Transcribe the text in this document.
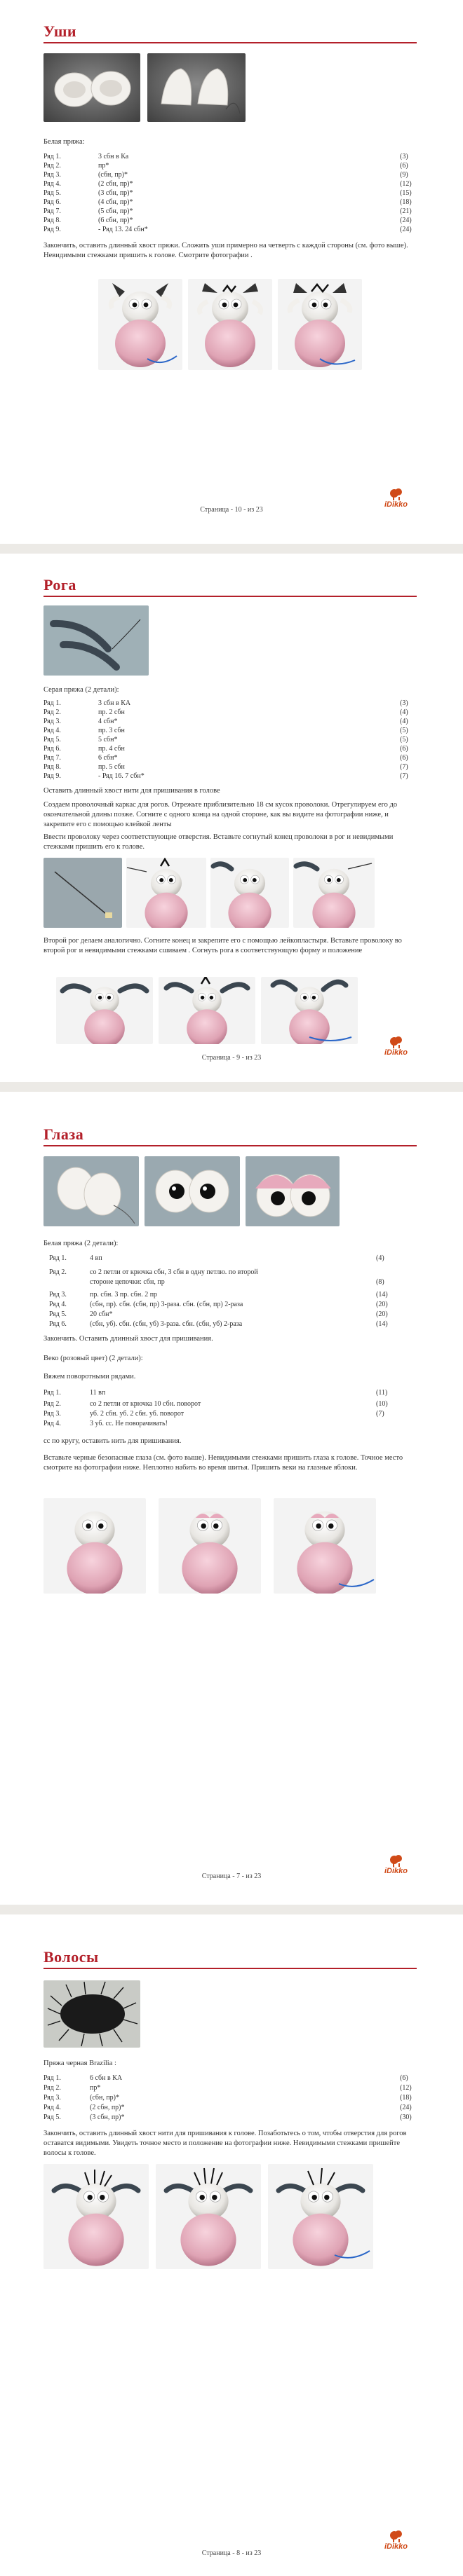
Уши
Белая пряжа:
Ряд 1.	3 сбн в Ка	(3)
Ряд 2.	пр*	(6)
Ряд 3.	(сбн, пр)*	(9)
Ряд 4.	(2 сбн, пр)*	(12)
Ряд 5.	(3 сбн, пр)*	(15)
Ряд 6.	(4 сбн, пр)*	(18)
Ряд 7.	(5 сбн, пр)*	(21)
Ряд 8.	(6 сбн, пр)*	(24)
Ряд 9.	- Ряд 13. 24 сбн*	(24)
Закончить, оставить длинный хвост пряжи. Сложить уши примерно на четверть с каждой стороны (см. фото выше). Невидимыми стежками пришить к голове. Смотрите фотографии .
Страница - 10 - из 23
iDikko
Рога
Серая пряжа (2 детали):
Ряд 1.	3 сбн в КА	(3)
Ряд 2.	пр. 2 сбн	(4)
Ряд 3.	4 сбн*	(4)
Ряд 4.	пр. 3 сбн	(5)
Ряд 5.	5 сбн*	(5)
Ряд 6.	пр. 4 сбн	(6)
Ряд 7.	6 сбн*	(6)
Ряд 8.	пр. 5 сбн	(7)
Ряд 9.	- Ряд 16. 7 сбн*	(7)
Оставить длинный хвост нити для пришивания в голове
Создаем проволочный каркас для рогов. Отрежьте приблизительно 18 см кусок проволоки. Отрегулируем его до окончательной длины позже. Согните с одного конца на одной стороне, как вы видите на фотографии ниже, и закрепите его с помощью клейкой ленты
Ввести проволоку через соответствующие отверстия. Вставьте согнутый конец проволоки в рог и невидимыми стежками пришить его к голове.
Второй рог делаем аналогично. Согните конец и закрепите его с помощью лейкопластыря. Вставьте проволоку во второй рог и невидимыми стежками сшиваем . Согнуть рога в соответствующую форму и положение
Страница - 9 - из 23
iDikko
Глаза
Белая пряжа (2 детали):
Ряд 1.	4 вп	(4)
Ряд 2.	со 2 петли от крючка сбн, 3 сбн в одну петлю. по второй
стороне цепочки: сбн, пр	(8)
Ряд 3.	пр. сбн. 3 пр. сбн. 2 пр	(14)
Ряд 4.	(сбн, пр). сбн. (сбн, пр) 3-раза. сбн. (сбн, пр) 2-раза	(20)
Ряд 5.	20 сбн*	(20)
Ряд 6.	(сбн, уб). сбн. (сбн, уб) 3-раза. сбн. (сбн, уб) 2-раза	(14)
Закончить. Оставить длинный хвост для пришивания.
Веко (розовый цвет) (2 детали):
Вяжем поворотными рядами.
Ряд 1.	11 вп	(11)
Ряд 2.	со 2 петли от крючка 10 сбн. поворот	(10)
Ряд 3.	уб. 2 сбн. уб. 2 сбн. уб. поворот	(7)
Ряд 4.	3 уб. сс. Не поворачивать!
сс по кругу, оставить нить для пришивания.
Вставьте черные безопасные глаза (см. фото выше). Невидимыми стежками пришить глаза к голове. Точное место смотрите на фотографии ниже. Неплотно набить во время шитья. Пришить веки на глазные яблоки.
Страница - 7 - из 23
iDikko
Волосы
Пряжа черная Brazilia :
Ряд 1.	6 сбн в КА	(6)
Ряд 2.	пр*	(12)
Ряд 3.	(сбн, пр)*	(18)
Ряд 4.	(2 сбн, пр)*	(24)
Ряд 5.	(3 сбн, пр)*	(30)
Закончить, оставить длинный хвост нити для пришивания к голове. Позаботьтесь о том, чтобы отверстия для рогов оставатся видимыми. Увидеть точное место и положение на фотографии ниже. Невидимыми стежками пришейте волосы к голове.
Страница - 8 - из 23
iDikko
